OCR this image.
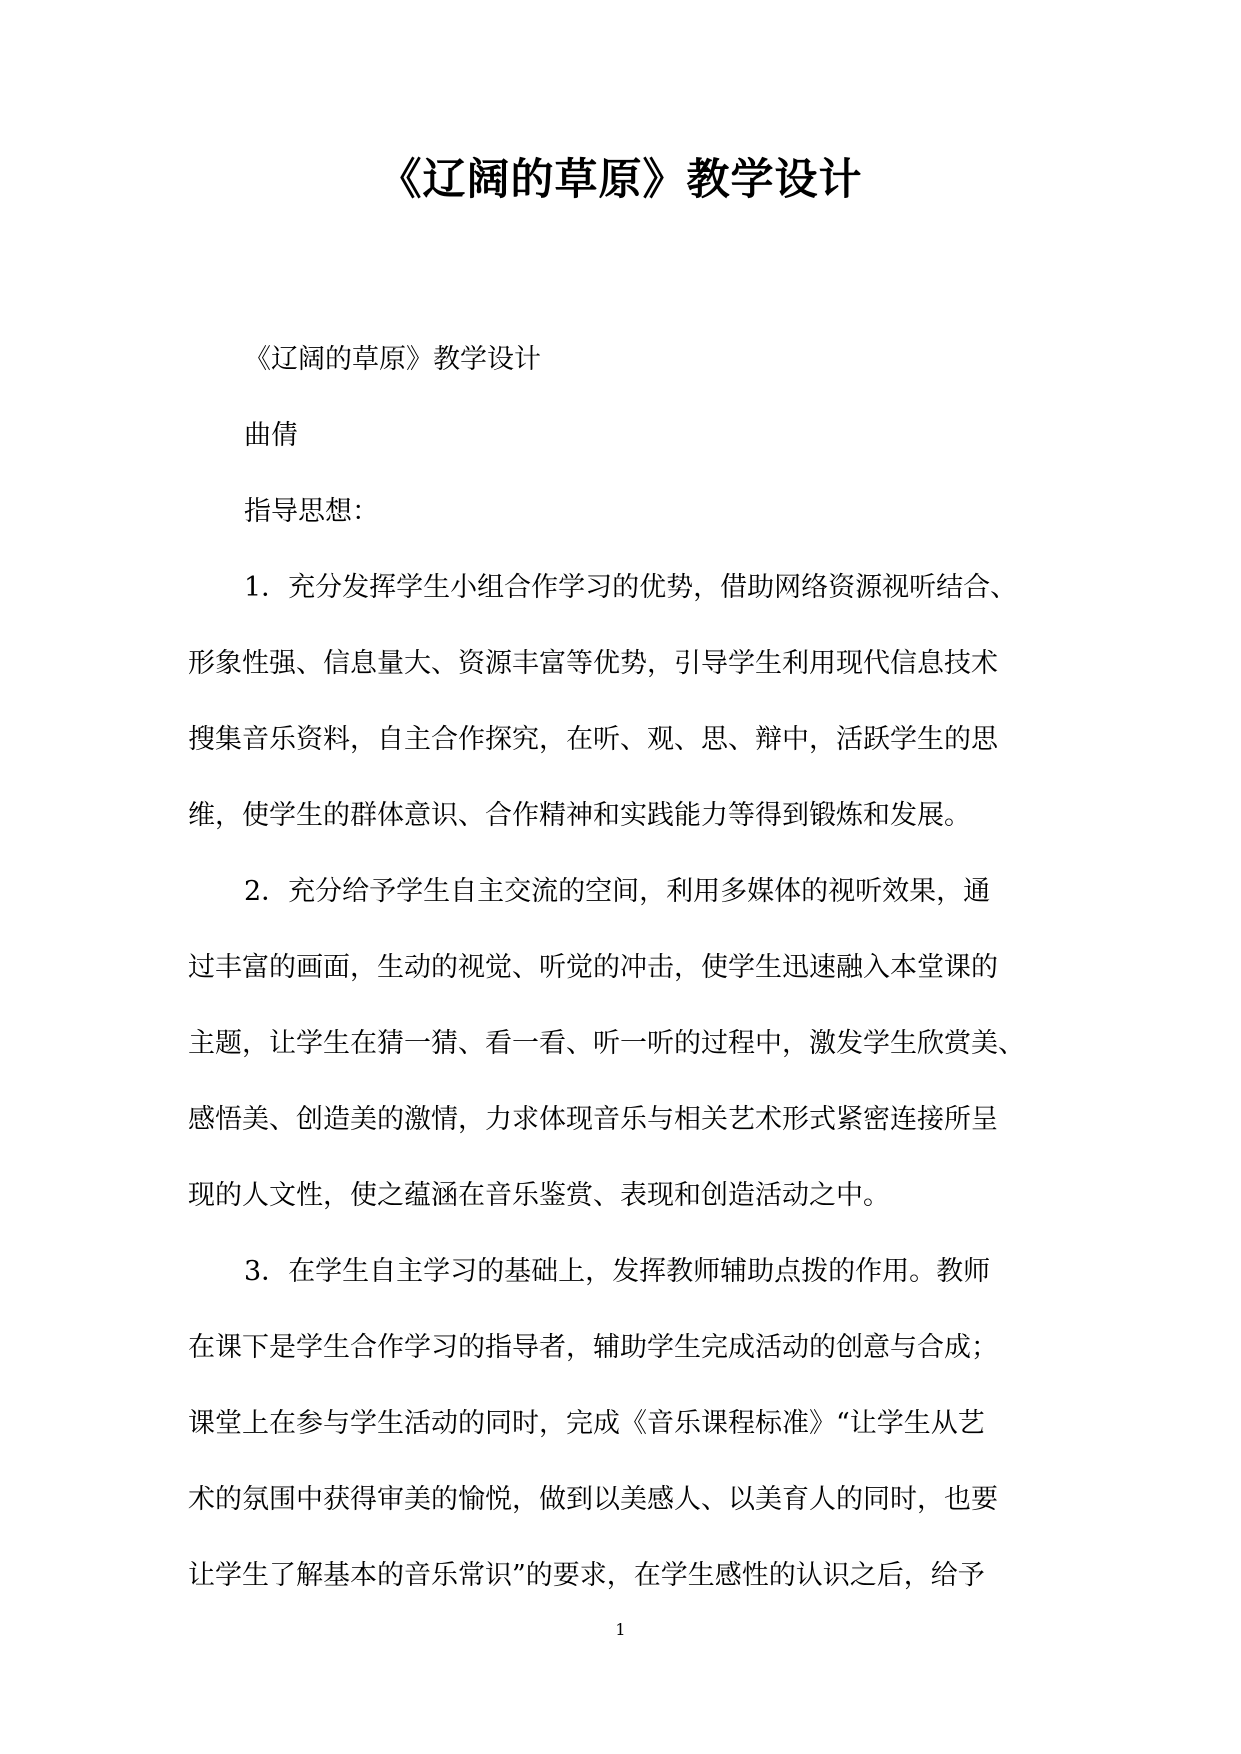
《辽阔的草原》教学设计

《辽阔的草原》教学设计

曲倩

指导思想：

1．充分发挥学生小组合作学习的优势，借助网络资源视听结合、

形象性强、信息量大、资源丰富等优势，引导学生利用现代信息技术

搜集音乐资料，自主合作探究，在听、观、思、辩中，活跃学生的思

维，使学生的群体意识、合作精神和实践能力等得到锻炼和发展。

2．充分给予学生自主交流的空间，利用多媒体的视听效果，通

过丰富的画面，生动的视觉、听觉的冲击，使学生迅速融入本堂课的

主题，让学生在猜一猜、看一看、听一听的过程中，激发学生欣赏美、

感悟美、创造美的激情，力求体现音乐与相关艺术形式紧密连接所呈

现的人文性，使之蕴涵在音乐鉴赏、表现和创造活动之中。

3．在学生自主学习的基础上，发挥教师辅助点拨的作用。教师

在课下是学生合作学习的指导者，辅助学生完成活动的创意与合成；

课堂上在参与学生活动的同时，完成《音乐课程标准》“让学生从艺

术的氛围中获得审美的愉悦，做到以美感人、以美育人的同时，也要

让学生了解基本的音乐常识”的要求，在学生感性的认识之后，给予

1
